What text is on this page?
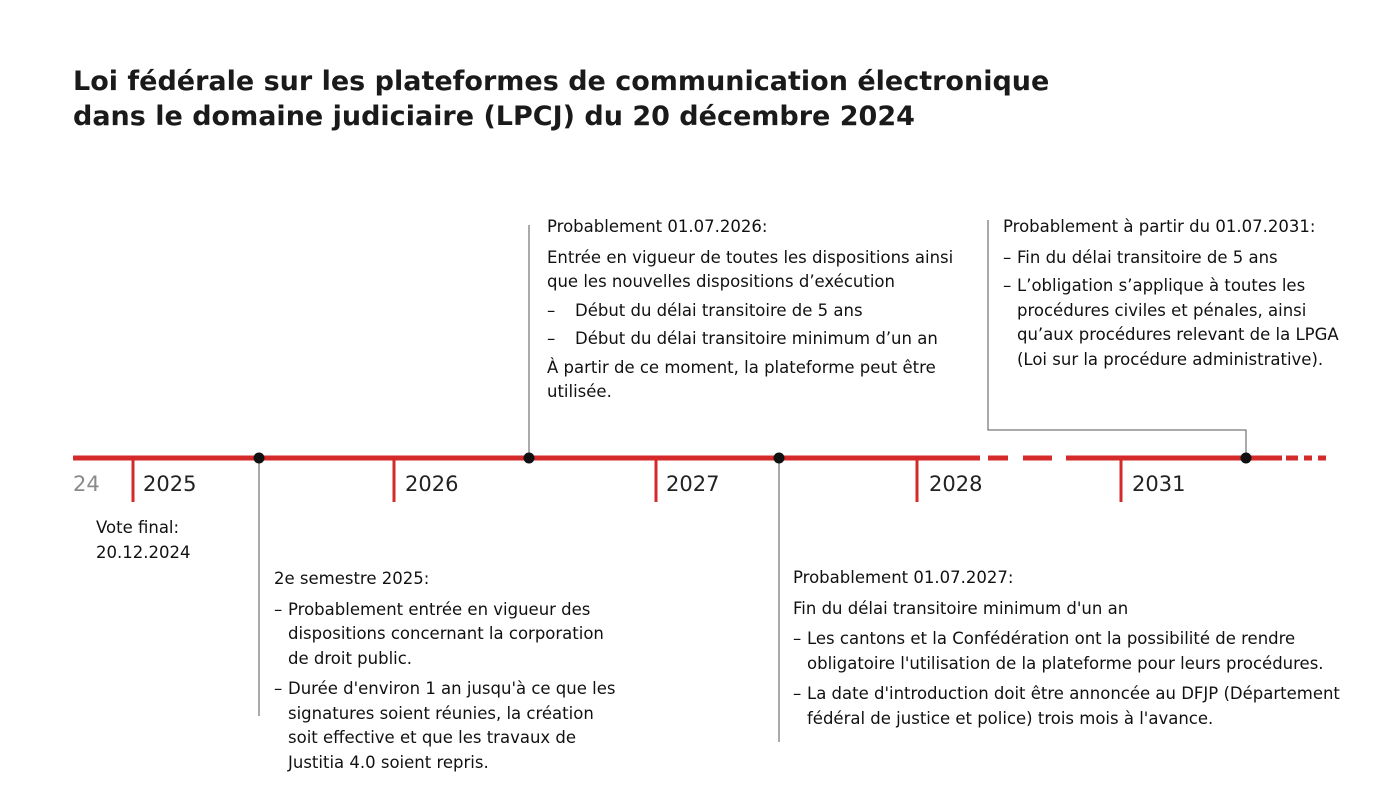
Loi fédérale sur les plateformes de communication électronique
dans le domaine judiciaire (LPCJ) du 20 décembre 2024
24 2025	2026	2027	2028	2031

Vote final:

20.12.2024

2e semestre 2025:

– Probablement entrée en vigueur des dispositions concernant la corporation de droit public.
– Durée d'environ 1 an jusqu'à ce que les signatures soient réunies, la création soit effective et que les travaux de Justitia 4.0 soient repris.

Probablement 01.07.2026:

Entrée en vigueur de toutes les dispositions ainsi que les nouvelles dispositions d’exécution

– Début du délai transitoire de 5 ans
– Début du délai transitoire minimum d’un an

À partir de ce moment, la plateforme peut être utilisée.

Probablement 01.07.2027:

Fin du délai transitoire minimum d'un an

– Les cantons et la Confédération ont la possibilité de rendre obligatoire l'utilisation de la plateforme pour leurs procédures.
– La date d'introduction doit être annoncée au DFJP (Département fédéral de justice et police) trois mois à l'avance.

Probablement à partir du 01.07.2031:

– Fin du délai transitoire de 5 ans
– L’obligation s’applique à toutes les procédures civiles et pénales, ainsi qu’aux procédures relevant de la LPGA (Loi sur la procédure administrative).
